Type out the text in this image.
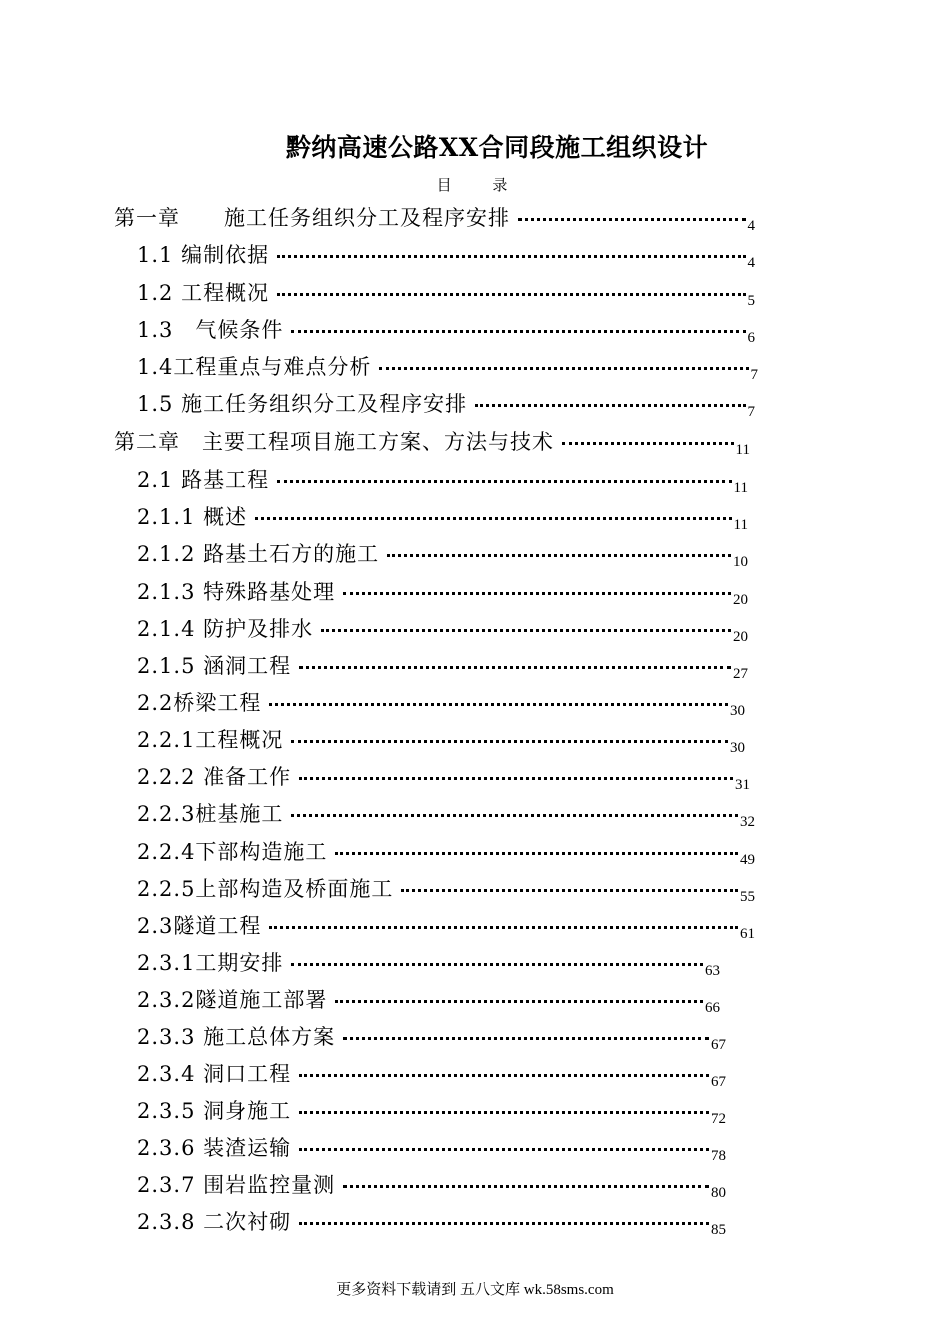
黔纳高速公路XX合同段施工组织设计
目 录
第一章　　施工任务组织分工及程序安排	4
1.1 编制依据	4
1.2 工程概况	5
1.3　气候条件	6
1.4工程重点与难点分析	7
1.5 施工任务组织分工及程序安排	7
第二章　主要工程项目施工方案、方法与技术	11
2.1 路基工程	11
2.1.1 概述	11
2.1.2 路基土石方的施工	10
2.1.3 特殊路基处理	20
2.1.4 防护及排水	20
2.1.5 涵洞工程	27
2.2桥梁工程	30
2.2.1工程概况	30
2.2.2 准备工作	31
2.2.3桩基施工	32
2.2.4下部构造施工	49
2.2.5上部构造及桥面施工	55
2.3隧道工程	61
2.3.1工期安排	63
2.3.2隧道施工部署	66
2.3.3 施工总体方案	67
2.3.4 洞口工程	67
2.3.5 洞身施工	72
2.3.6 装渣运输	78
2.3.7 围岩监控量测	80
2.3.8 二次衬砌	85
更多资料下载请到 五八文库 wk.58sms.com
